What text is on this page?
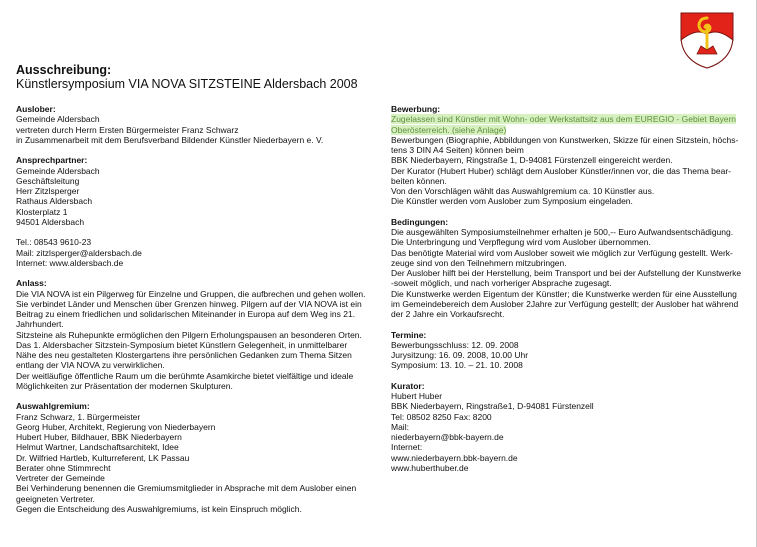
Ausschreibung:
Künstlersymposium VIA NOVA SITZSTEINE Aldersbach 2008
Auslober:
Gemeinde Aldersbach
vertreten durch Herrn Ersten Bürgermeister Franz Schwarz
in Zusammenarbeit mit dem Berufsverband Bildender Künstler Niederbayern e. V.
Ansprechpartner:
Gemeinde Aldersbach
Geschäftsleitung
Herr Zitzlsperger
Rathaus Aldersbach
Klosterplatz 1
94501 Aldersbach

Tel.: 08543 9610-23
Mail: zitzlsperger@aldersbach.de
Internet: www.aldersbach.de
Anlass:
Die VIA NOVA ist ein Pilgerweg für Einzelne und Gruppen, die aufbrechen und gehen wollen.
Sie verbindet Länder und Menschen über Grenzen hinweg. Pilgern auf der VIA NOVA ist ein
Beitrag zu einem friedlichen und solidarischen Miteinander in Europa auf dem Weg ins 21.
Jahrhundert.
Sitzsteine als Ruhepunkte ermöglichen den Pilgern Erholungspausen an besonderen Orten.
Das 1. Aldersbacher Sitzstein-Symposium bietet Künstlern Gelegenheit, in unmittelbarer
Nähe des neu gestalteten Klostergartens ihre persönlichen Gedanken zum Thema Sitzen
entlang der VIA NOVA zu verwirklichen.
Der weitläufige öffentliche Raum um die berühmte Asamkirche bietet vielfältige und ideale
Möglichkeiten zur Präsentation der modernen Skulpturen.
Auswahlgremium:
Franz Schwarz, 1. Bürgermeister
Georg Huber, Architekt, Regierung von Niederbayern
Hubert Huber, Bildhauer, BBK Niederbayern
Helmut Wartner, Landschaftsarchitekt, Idee
Dr. Wilfried Hartleb, Kulturreferent, LK Passau
Berater ohne Stimmrecht
Vertreter der Gemeinde
Bei Verhinderung benennen die Gremiumsmitglieder in Absprache mit dem Auslober einen
geeigneten Vertreter.
Gegen die Entscheidung des Auswahlgremiums, ist kein Einspruch möglich.
Bewerbung:
Zugelassen sind Künstler mit Wohn- oder Werkstattsitz aus dem EUREGIO - Gebiet Bayern
Oberösterreich. (siehe Anlage)
Bewerbungen (Biographie, Abbildungen von Kunstwerken, Skizze für einen Sitzstein, höchs-
tens 3 DIN A4 Seiten) können beim
BBK Niederbayern, Ringstraße 1, D-94081 Fürstenzell eingereicht werden.
Der Kurator (Hubert Huber) schlägt dem Auslober Künstler/innen vor, die das Thema bear-
beiten können.
Von den Vorschlägen wählt das Auswahlgremium ca. 10 Künstler aus.
Die Künstler werden vom Auslober zum Symposium eingeladen.
Bedingungen:
Die ausgewählten Symposiumsteilnehmer erhalten je 500,-- Euro Aufwandsentschädigung.
Die Unterbringung und Verpflegung wird vom Auslober übernommen.
Das benötigte Material wird vom Auslober soweit wie möglich zur Verfügung gestellt. Werk-
zeuge sind von den Teilnehmern mitzubringen.
Der Auslober hilft bei der Herstellung, beim Transport und bei der Aufstellung der Kunstwerke
-soweit möglich, und nach vorheriger Absprache zugesagt.
Die Kunstwerke werden Eigentum der Künstler; die Kunstwerke werden für eine Ausstellung
im Gemeindebereich dem Auslober 2Jahre zur Verfügung gestellt; der Auslober hat während
der 2 Jahre ein Vorkaufsrecht.
Termine:
Bewerbungsschluss: 12. 09. 2008
Jurysitzung: 16. 09. 2008, 10.00 Uhr
Symposium: 13. 10. – 21. 10. 2008
Kurator:
Hubert Huber
BBK Niederbayern, Ringstraße1, D-94081 Fürstenzell
Tel: 08502 8250 Fax: 8200
Mail:
niederbayern@bbk-bayern.de
Internet:
www.niederbayern.bbk-bayern.de
www.huberthuber.de
